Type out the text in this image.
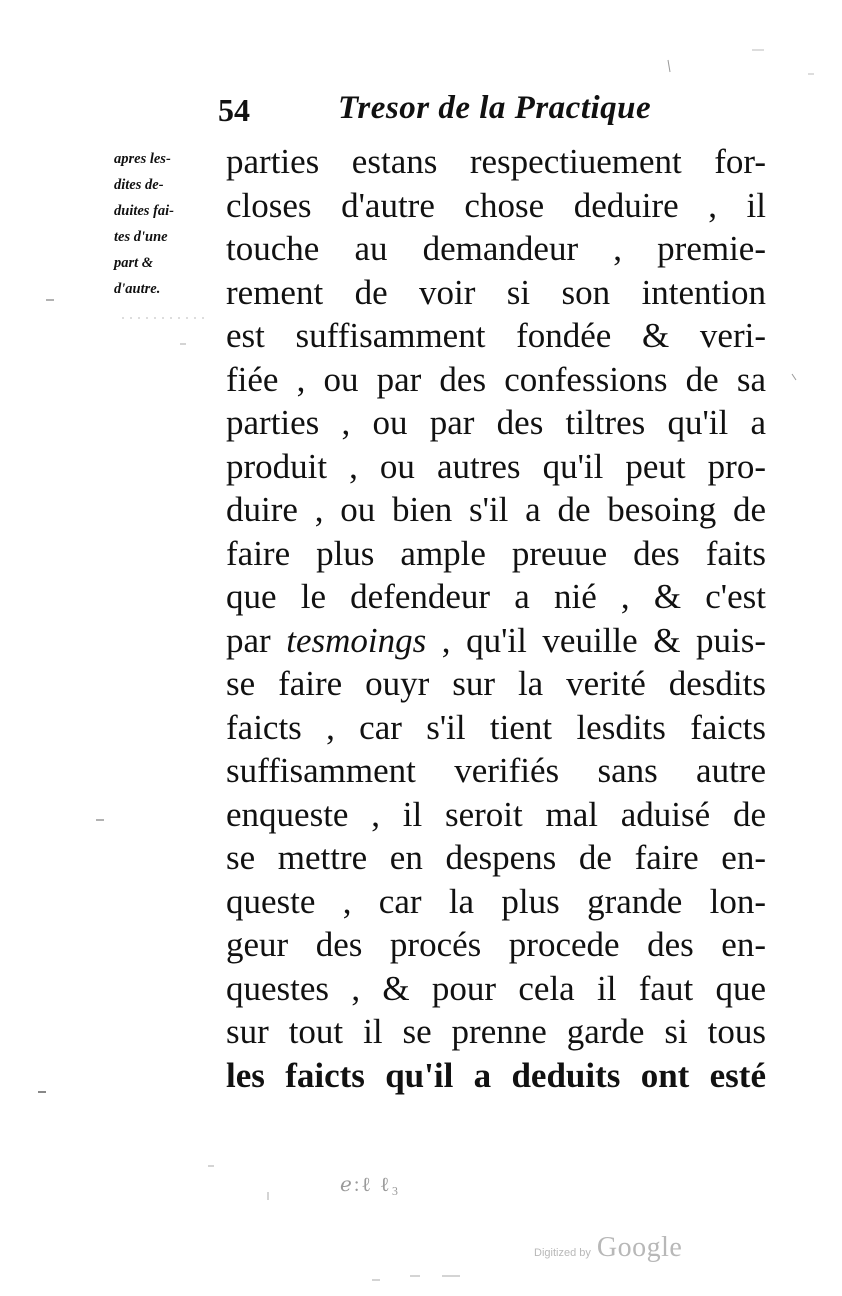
54	Tresor de la Practique
apres les-
dites de-
duites fai-
tes d'une
part &
d'autre.
parties estans respectiuement for-
closes d'autre chose deduire , il
touche au demandeur , premie-
rement de voir si son intention
est suffisamment fondée & veri-
fiée , ou par des confessions de sa
parties , ou par des tiltres qu'il a
produit , ou autres qu'il peut pro-
duire , ou bien s'il a de besoing de
faire plus ample preuue des faits
que le defendeur a nié , & c'est
par tesmoings , qu'il veuille & puis-
se faire ouyr sur la verité desdits
faicts , car s'il tient lesdits faicts
suffisamment verifiés sans autre
enqueste , il seroit mal aduisé de
se mettre en despens de faire en-
queste , car la plus grande lon-
geur des procés procede des en-
questes , & pour cela il faut que
sur tout il se prenne garde si tous
les faicts qu'il a deduits ont esté
ℯ:ℓ ℓ₃
Digitized by Google
